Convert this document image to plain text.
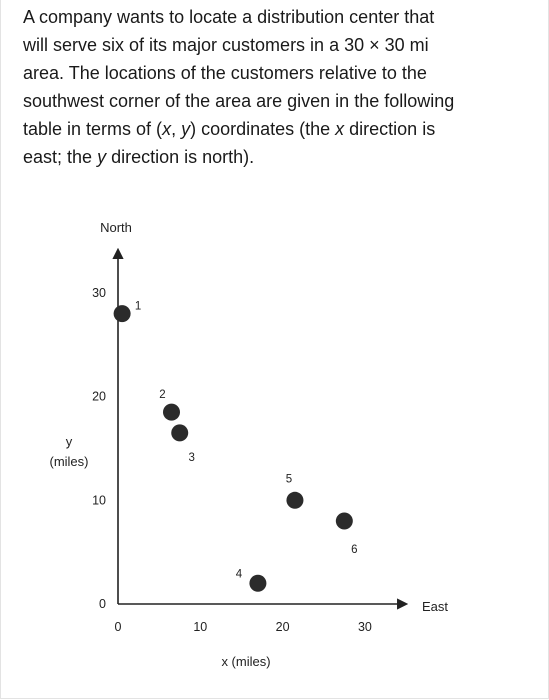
A company wants to locate a distribution center that
will serve six of its major customers in a 30 × 30 mi
area. The locations of the customers relative to the
southwest corner of the area are given in the following
table in terms of (x, y) coordinates (the x direction is
east; the y direction is north).

North
East
y
(miles)
x (miles)
0	10	20	30
0
10
20
30
1
2
3
4
5
6
